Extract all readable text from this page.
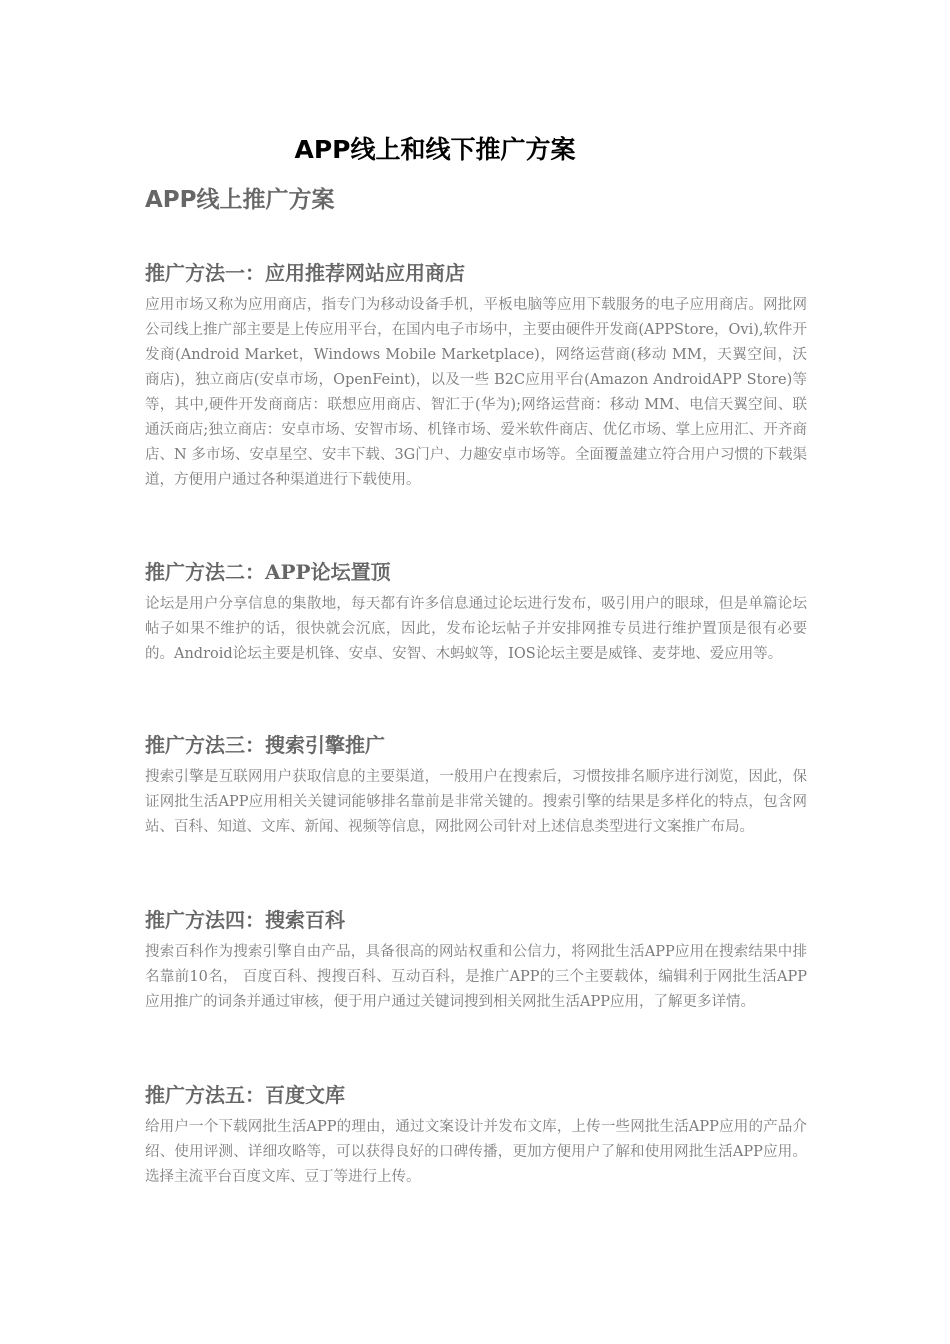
APP线上和线下推广方案
APP线上推广方案
推广方法一：应用推荐网站应用商店

应用市场又称为应用商店，指专门为移动设备手机，平板电脑等应用下载服务的电子应用商店。网批网公司线上推广部主要是上传应用平台，在国内电子市场中，主要由硬件开发商(APPStore，Ovi),软件开发商(Android Market，Windows Mobile Marketplace)，网络运营商(移动 MM，天翼空间，沃商店)，独立商店(安卓市场，OpenFeint)，以及一些 B2C应用平台(Amazon AndroidAPP Store)等等，其中,硬件开发商商店：联想应用商店、智汇于(华为);网络运营商：移动 MM、电信天翼空间、联通沃商店;独立商店：安卓市场、安智市场、机锋市场、爱米软件商店、优亿市场、掌上应用汇、开齐商店、N 多市场、安卓星空、安丰下载、3G门户、力趣安卓市场等。全面覆盖建立符合用户习惯的下载渠道，方便用户通过各种渠道进行下载使用。

推广方法二：APP论坛置顶

论坛是用户分享信息的集散地，每天都有许多信息通过论坛进行发布，吸引用户的眼球，但是单篇论坛帖子如果不维护的话，很快就会沉底，因此，发布论坛帖子并安排网推专员进行维护置顶是很有必要的。Android论坛主要是机锋、安卓、安智、木蚂蚁等，IOS论坛主要是威锋、麦芽地、爱应用等。

推广方法三：搜索引擎推广

搜索引擎是互联网用户获取信息的主要渠道，一般用户在搜索后，习惯按排名顺序进行浏览，因此，保证网批生活APP应用相关关键词能够排名靠前是非常关键的。搜索引擎的结果是多样化的特点，包含网站、百科、知道、文库、新闻、视频等信息，网批网公司针对上述信息类型进行文案推广布局。

推广方法四：搜索百科

搜索百科作为搜索引擎自由产品，具备很高的网站权重和公信力，将网批生活APP应用在搜索结果中排名靠前10名， 百度百科、搜搜百科、互动百科，是推广APP的三个主要载体，编辑利于网批生活APP应用推广的词条并通过审核，便于用户通过关键词搜到相关网批生活APP应用，了解更多详情。

推广方法五：百度文库

给用户一个下载网批生活APP的理由，通过文案设计并发布文库，上传一些网批生活APP应用的产品介绍、使用评测、详细攻略等，可以获得良好的口碑传播，更加方便用户了解和使用网批生活APP应用。 选择主流平台百度文库、豆丁等进行上传。
